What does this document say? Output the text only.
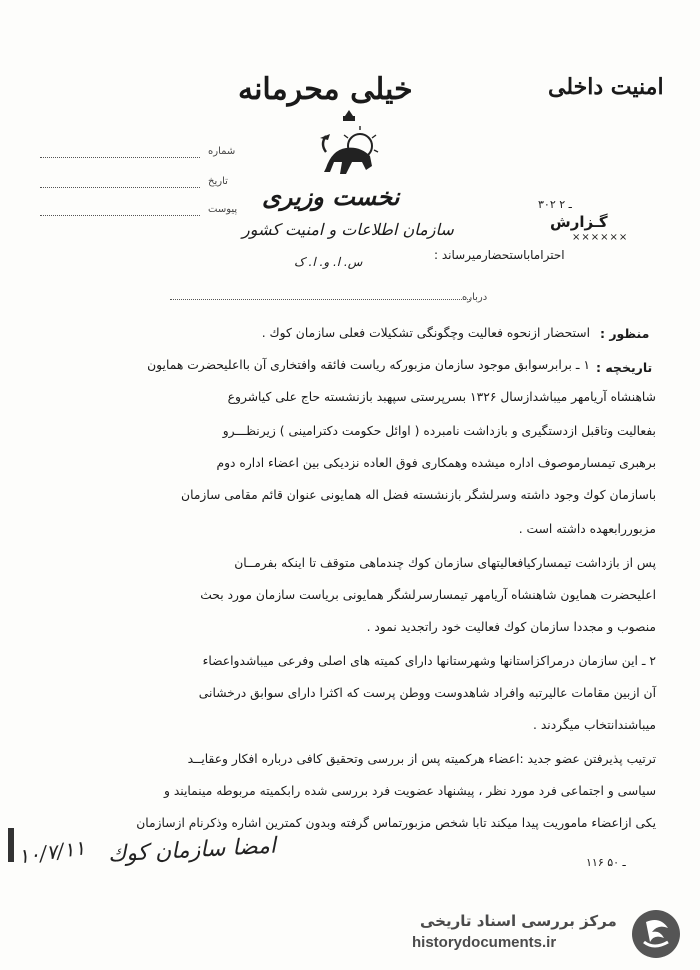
خیلی محرمانه	امنیت داخلی
شماره
تاریخ
پیوست نخست وزیری
سازمان اطلاعات و امنیت کشور
س. ا. و. ا. ک
۳۰۲ ـ ۲
گـزارش
××××××
احتراماباستحضارمیرساند :
درباره
منظور :
تاریخچه :
استحضار ازنحوه فعالیت وچگونگی تشکیلات فعلی سازمان کوك .
۱ ـ برابرسوابق موجود سازمان مزبورکه ریاست فائقه وافتخاری آن بااعلیحضرت همایون
شاهنشاه آریامهر میباشدازسال ۱۳۲۶ بسرپرستی سپهبد بازنشسته حاج علی کیاشروع
بفعالیت وتاقبل ازدستگیری و بازداشت نامبرده ( اوائل حکومت دکترامینی ) زیرنظـــرو
برهبری تیمسارموصوف اداره میشده وهمکاری فوق العاده نزدیکی بین اعضاء اداره دوم
باسازمان کوك وجود داشته وسرلشگر بازنشسته فضل اله همایونی عنوان قائم مقامی سازمان
مزبوررابعهده داشته است .
پس از بازداشت تیمسارکیافعالیتهای سازمان کوك چندماهی متوقف تا اینکه بفرمــان
اعلیحضرت همایون شاهنشاه آریامهر تیمسارسرلشگر همایونی بریاست سازمان مورد بحث
منصوب و مجددا سازمان کوك فعالیت خود راتجدید نمود .
۲ ـ این سازمان درمراکزاستانها وشهرستانها دارای کمیته های اصلی وفرعی میباشدواعضاء
آن ازبین مقامات عالیرتبه وافراد شاهدوست ووطن پرست که اکثرا دارای سوابق درخشانی
میباشندانتخاب میگردند .
ترتیب پذیرفتن عضو جدید :اعضاء هرکمیته پس از بررسی وتحقیق کافی درباره افکار وعقایــد
سیاسی و اجتماعی فرد مورد نظر ، پیشنهاد عضویت فرد بررسی شده رابکمیته مربوطه مینمایند و
یکی ازاعضاء ماموریت پیدا میکند تابا شخص مزبورتماس گرفته وبدون کمترین اشاره وذکرنام ازسازمان
۱۰/۷/۱۱ امضا سازمان کوك	۱۱۶ ـ ۵۰
مرکز بررسی اسناد تاریخی
historydocuments.ir
